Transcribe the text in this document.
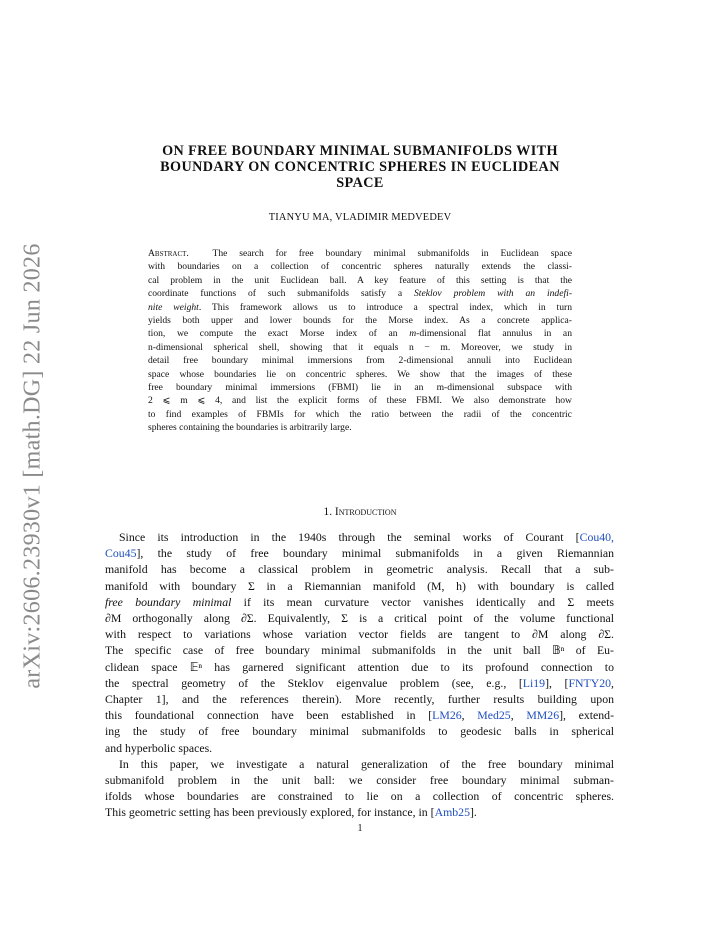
arXiv:2606.23930v1 [math.DG] 22 Jun 2026
ON FREE BOUNDARY MINIMAL SUBMANIFOLDS WITH
BOUNDARY ON CONCENTRIC SPHERES IN EUCLIDEAN
SPACE
TIANYU MA, VLADIMIR MEDVEDEV
Abstract. The search for free boundary minimal submanifolds in Euclidean space
with boundaries on a collection of concentric spheres naturally extends the classi-
cal problem in the unit Euclidean ball. A key feature of this setting is that the
coordinate functions of such submanifolds satisfy a Steklov problem with an indefi-
nite weight. This framework allows us to introduce a spectral index, which in turn
yields both upper and lower bounds for the Morse index. As a concrete applica-
tion, we compute the exact Morse index of an m-dimensional flat annulus in an
n-dimensional spherical shell, showing that it equals n − m. Moreover, we study in
detail free boundary minimal immersions from 2-dimensional annuli into Euclidean
space whose boundaries lie on concentric spheres. We show that the images of these
free boundary minimal immersions (FBMI) lie in an m-dimensional subspace with
2 ⩽ m ⩽ 4, and list the explicit forms of these FBMI. We also demonstrate how
to find examples of FBMIs for which the ratio between the radii of the concentric
spheres containing the boundaries is arbitrarily large.
1. Introduction
Since its introduction in the 1940s through the seminal works of Courant [Cou40,
Cou45], the study of free boundary minimal submanifolds in a given Riemannian
manifold has become a classical problem in geometric analysis. Recall that a sub-
manifold with boundary Σ in a Riemannian manifold (M, h) with boundary is called
free boundary minimal if its mean curvature vector vanishes identically and Σ meets
∂M orthogonally along ∂Σ. Equivalently, Σ is a critical point of the volume functional
with respect to variations whose variation vector fields are tangent to ∂M along ∂Σ.
The specific case of free boundary minimal submanifolds in the unit ball 𝔹ⁿ of Eu-
clidean space 𝔼ⁿ has garnered significant attention due to its profound connection to
the spectral geometry of the Steklov eigenvalue problem (see, e.g., [Li19], [FNTY20,
Chapter 1], and the references therein). More recently, further results building upon
this foundational connection have been established in [LM26, Med25, MM26], extend-
ing the study of free boundary minimal submanifolds to geodesic balls in spherical
and hyperbolic spaces.
In this paper, we investigate a natural generalization of the free boundary minimal
submanifold problem in the unit ball: we consider free boundary minimal subman-
ifolds whose boundaries are constrained to lie on a collection of concentric spheres.
This geometric setting has been previously explored, for instance, in [Amb25].
1
